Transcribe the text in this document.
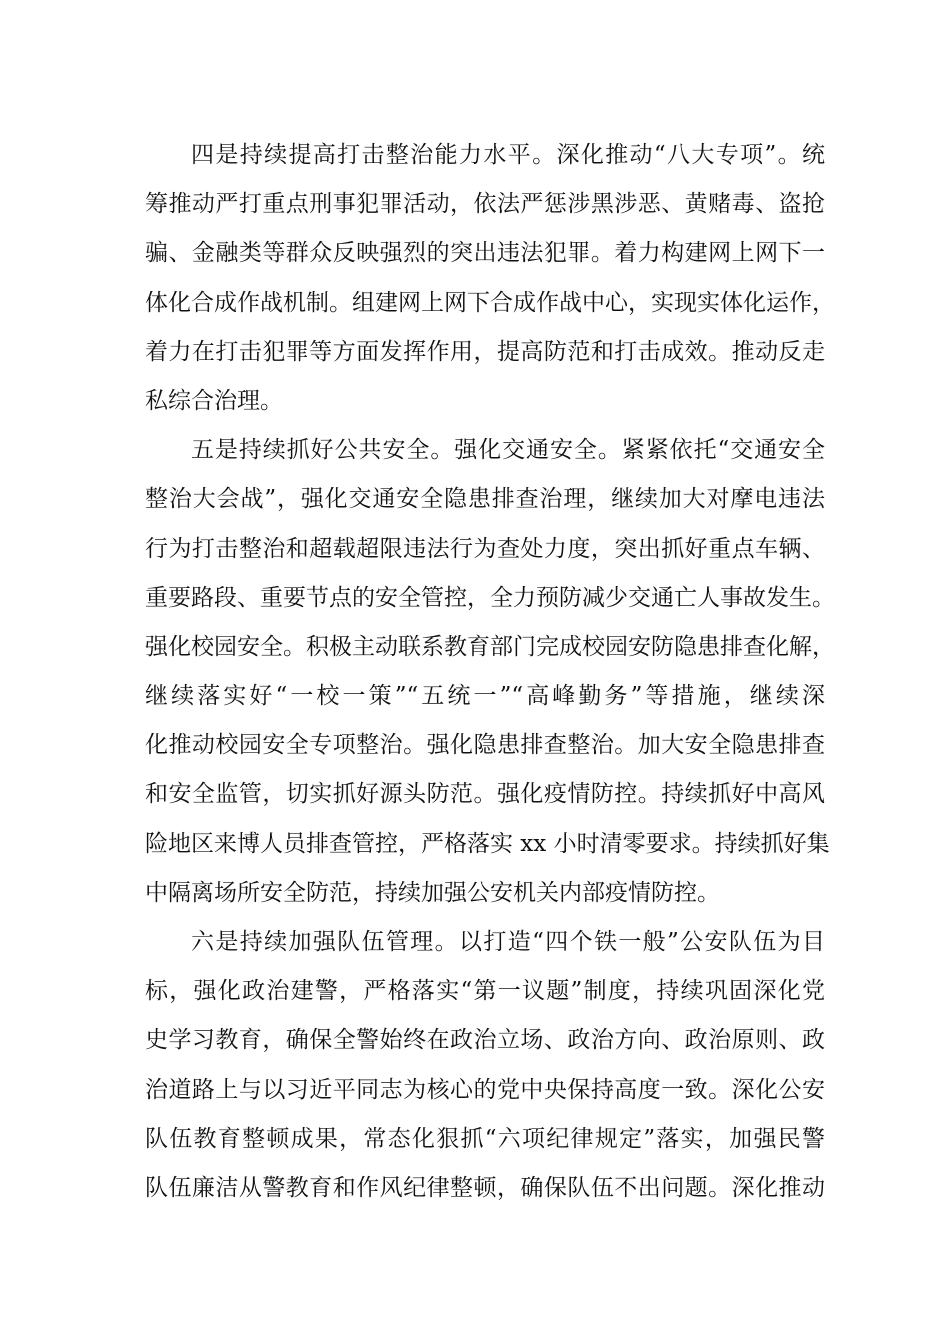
四是持续提高打击整治能力水平。深化推动“八大专项”。统
筹推动严打重点刑事犯罪活动，依法严惩涉黑涉恶、黄赌毒、盗抢
骗、金融类等群众反映强烈的突出违法犯罪。着力构建网上网下一
体化合成作战机制。组建网上网下合成作战中心，实现实体化运作，
着力在打击犯罪等方面发挥作用，提高防范和打击成效。推动反走
私综合治理。
五是持续抓好公共安全。强化交通安全。紧紧依托“交通安全
整治大会战”，强化交通安全隐患排查治理，继续加大对摩电违法
行为打击整治和超载超限违法行为查处力度，突出抓好重点车辆、
重要路段、重要节点的安全管控，全力预防减少交通亡人事故发生。
强化校园安全。积极主动联系教育部门完成校园安防隐患排查化解，
继续落实好“一校一策”“五统一”“高峰勤务”等措施，继续深
化推动校园安全专项整治。强化隐患排查整治。加大安全隐患排查
和安全监管，切实抓好源头防范。强化疫情防控。持续抓好中高风
险地区来博人员排查管控，严格落实 xx 小时清零要求。持续抓好集
中隔离场所安全防范，持续加强公安机关内部疫情防控。
六是持续加强队伍管理。以打造“四个铁一般”公安队伍为目
标，强化政治建警，严格落实“第一议题”制度，持续巩固深化党
史学习教育，确保全警始终在政治立场、政治方向、政治原则、政
治道路上与以习近平同志为核心的党中央保持高度一致。深化公安
队伍教育整顿成果，常态化狠抓“六项纪律规定”落实，加强民警
队伍廉洁从警教育和作风纪律整顿，确保队伍不出问题。深化推动
